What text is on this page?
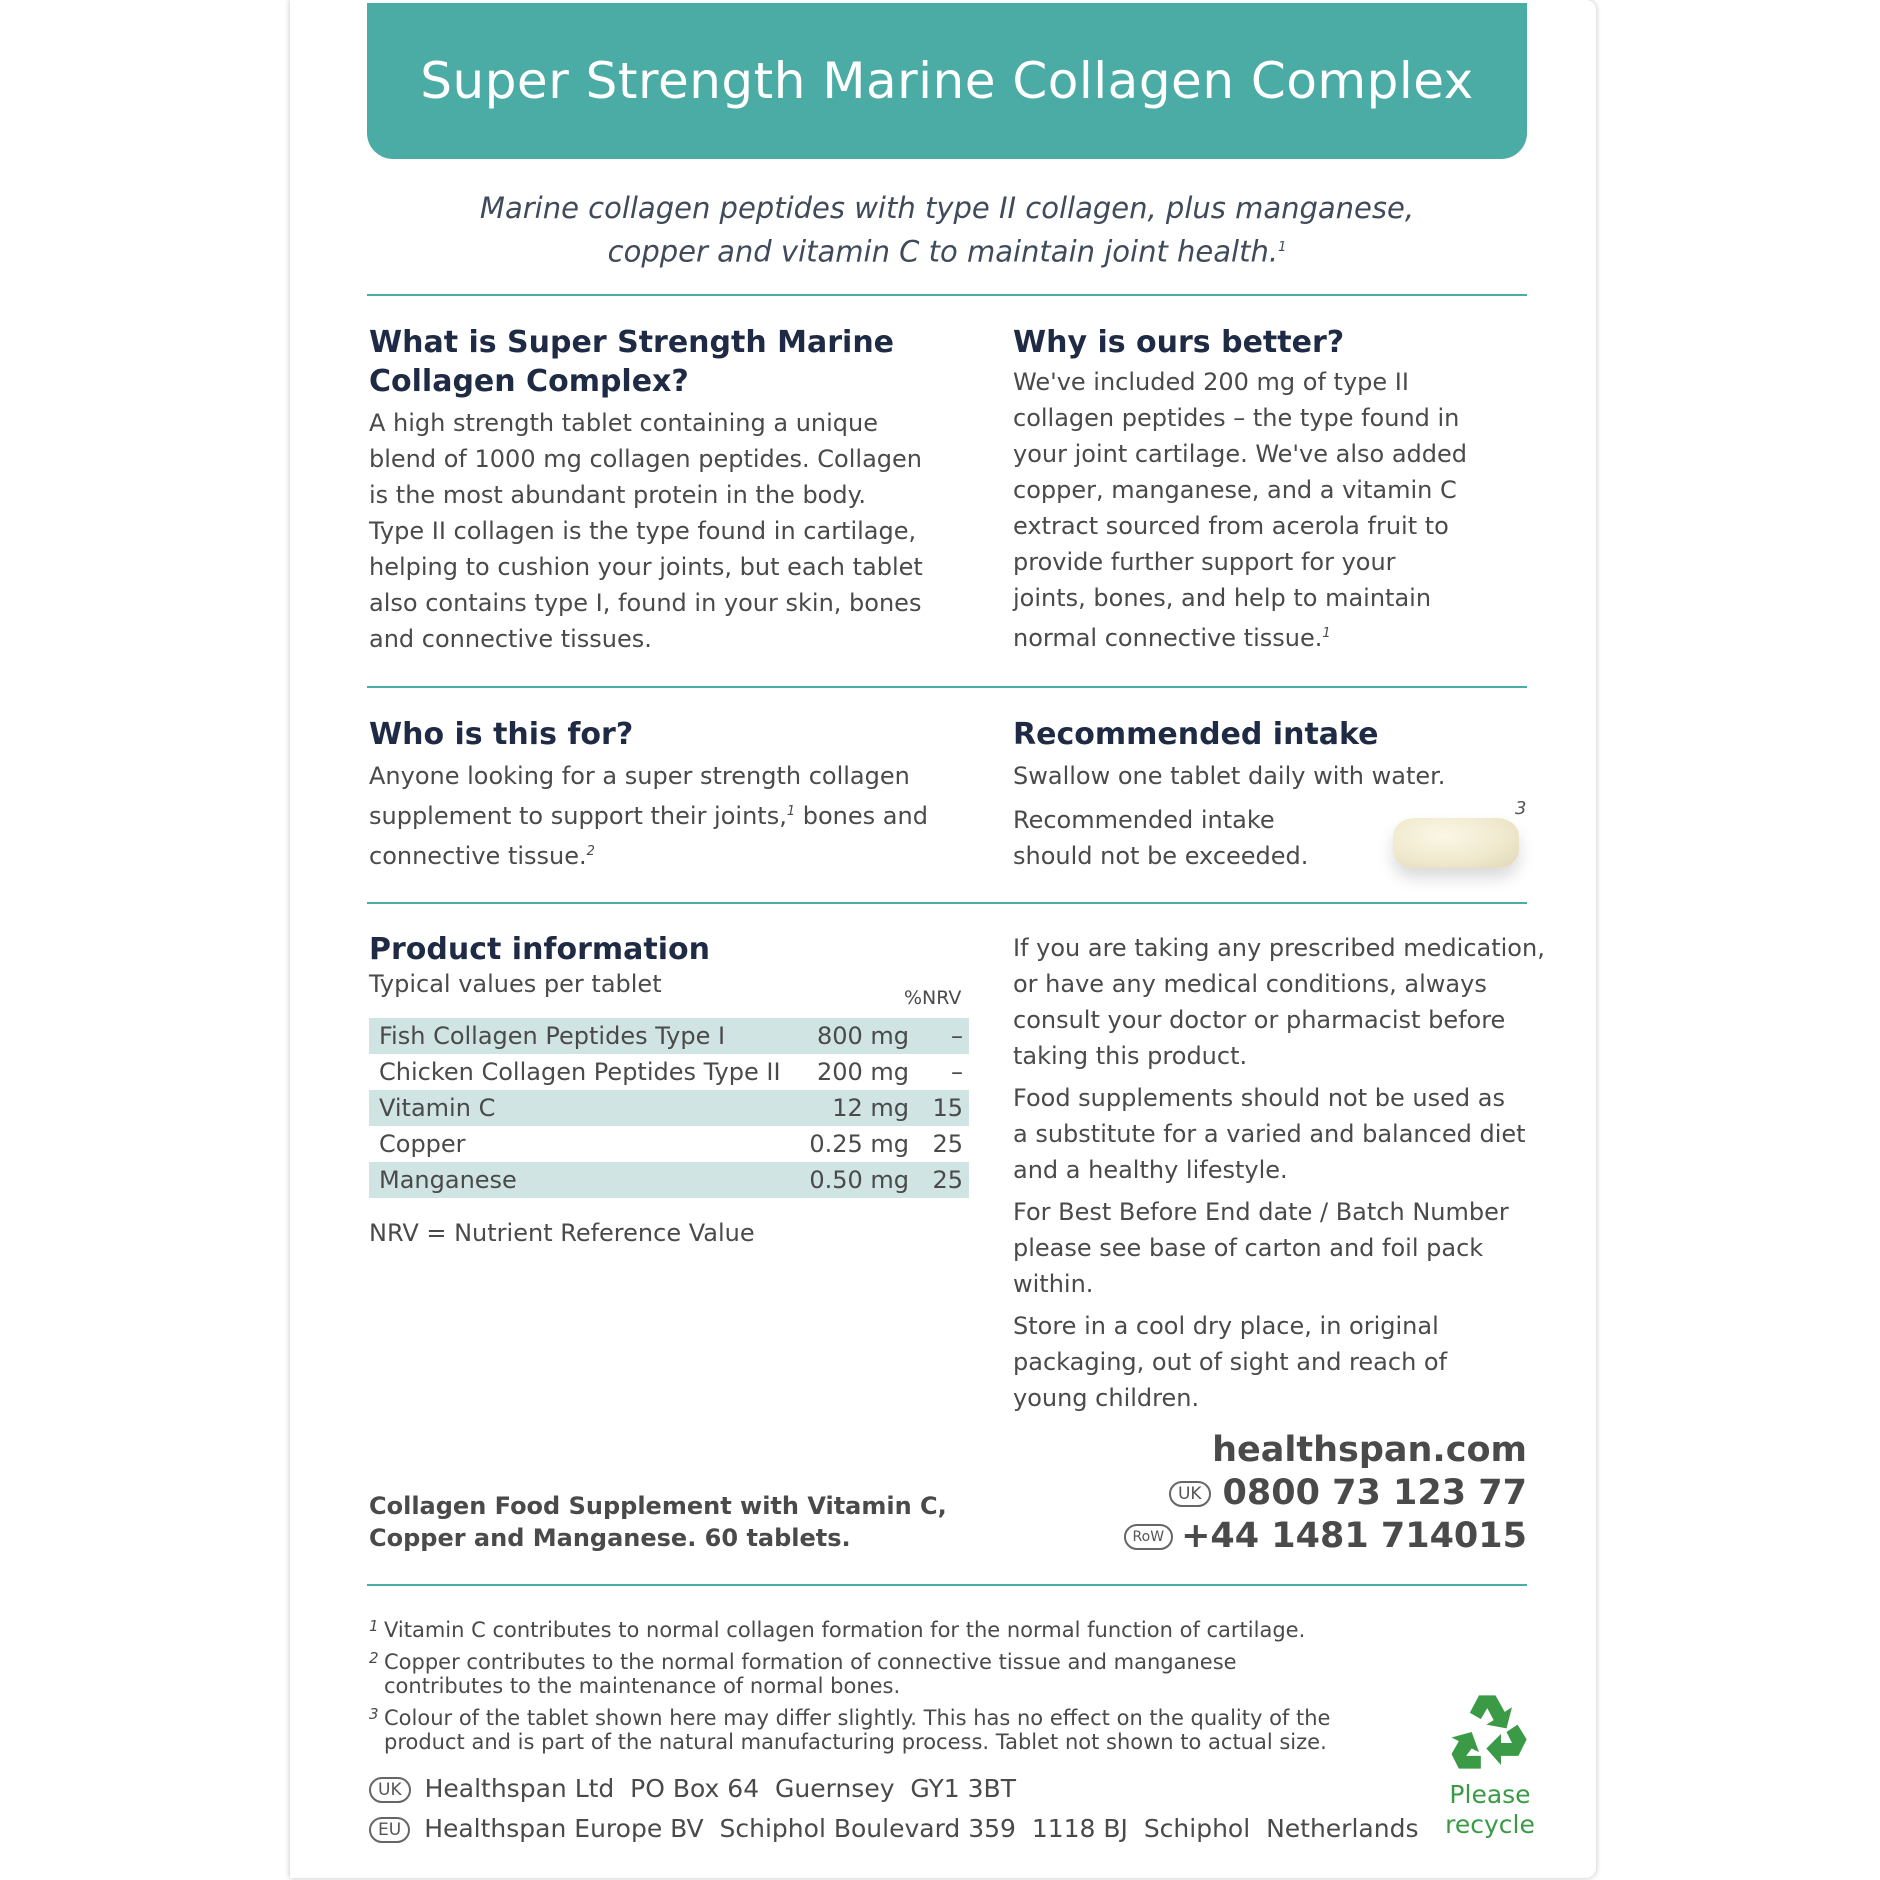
Super Strength Marine Collagen Complex
Marine collagen peptides with type II collagen, plus manganese,
copper and vitamin C to maintain joint health.$^1$
What is Super Strength Marine
Collagen Complex?

A high strength tablet containing a unique

blend of 1000 mg collagen peptides. Collagen

is the most abundant protein in the body.

Type II collagen is the type found in cartilage,

helping to cushion your joints, but each tablet

also contains type I, found in your skin, bones

and connective tissues.

Why is ours better?

We've included 200 mg of type II

collagen peptides – the type found in

your joint cartilage. We've also added

copper, manganese, and a vitamin C

extract sourced from acerola fruit to

provide further support for your

joints, bones, and help to maintain

normal connective tissue.$^1$

Who is this for?

Anyone looking for a super strength collagen

supplement to support their joints,$^1$ bones and

connective tissue.$^2$

Recommended intake

Swallow one tablet daily with water.

Recommended intake

should not be exceeded.

Product information

Typical values per tablet	%NRV
Fish Collagen Peptides Type I	800 mg	–
Chicken Collagen Peptides Type II	200 mg	–
Vitamin C	12 mg	15
Copper	0.25 mg	25
Manganese	0.50 mg	25

NRV = Nutrient Reference Value

If you are taking any prescribed medication,

or have any medical conditions, always

consult your doctor or pharmacist before

taking this product.

Food supplements should not be used as

a substitute for a varied and balanced diet

and a healthy lifestyle.

For Best Before End date / Batch Number

please see base of carton and foil pack within.

Store in a cool dry place, in original

packaging, out of sight and reach of

young children.

Collagen Food Supplement with Vitamin C,
Copper and Manganese. 60 tablets.
healthspan.com
UK 0800 73 123 77
RoW +44 1481 714015
1 Vitamin C contributes to normal collagen formation for the normal function of cartilage.
2 Copper contributes to the normal formation of connective tissue and manganese
contributes to the maintenance of normal bones.
3 Colour of the tablet shown here may differ slightly. This has no effect on the quality of the
product and is part of the natural manufacturing process. Tablet not shown to actual size.
UK Healthspan Ltd  PO Box 64  Guernsey  GY1 3BT
EU Healthspan Europe BV  Schiphol Boulevard 359  1118 BJ  Schiphol  Netherlands
3
Please
recycle
